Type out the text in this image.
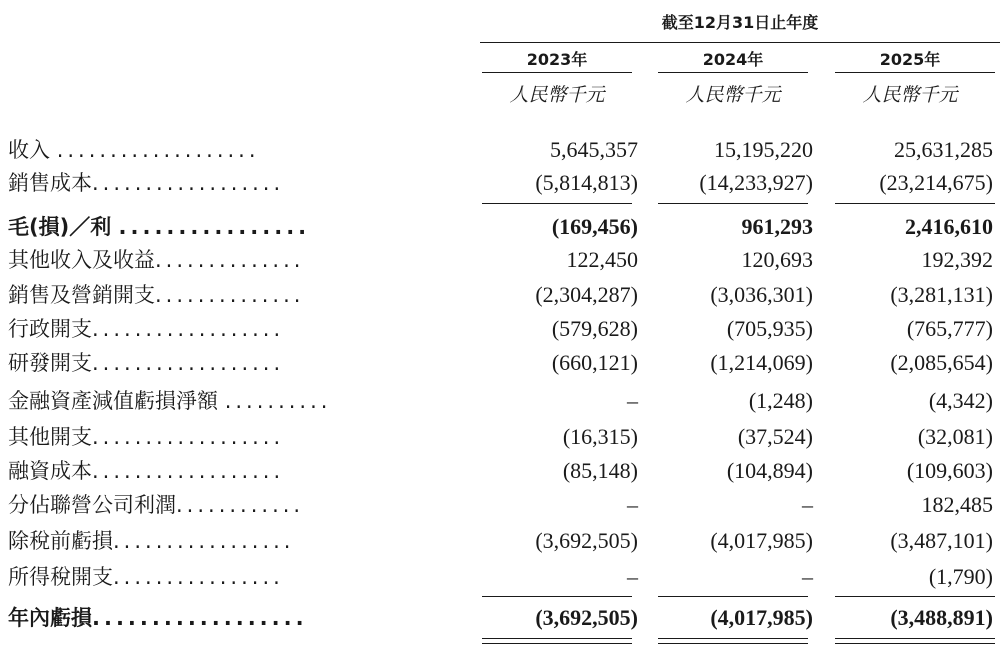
截至12月31日止年度
2023年	2024年	2025年
人民幣千元	人民幣千元	人民幣千元
收入 ...................	5,645,357	15,195,220	25,631,285
銷售成本..................	(5,814,813)	(14,233,927)	(23,214,675)
毛(損)／利 ................	(169,456)	961,293	2,416,610
其他收入及收益..............	122,450	120,693	192,392
銷售及營銷開支..............	(2,304,287)	(3,036,301)	(3,281,131)
行政開支..................	(579,628)	(705,935)	(765,777)
研發開支..................	(660,121)	(1,214,069)	(2,085,654)
金融資產減值虧損淨額 ..........	–	(1,248)	(4,342)
其他開支..................	(16,315)	(37,524)	(32,081)
融資成本..................	(85,148)	(104,894)	(109,603)
分佔聯營公司利潤............	–	–	182,485
除稅前虧損.................	(3,692,505)	(4,017,985)	(3,487,101)
所得稅開支................	–	–	(1,790)
年內虧損..................	(3,692,505)	(4,017,985)	(3,488,891)
